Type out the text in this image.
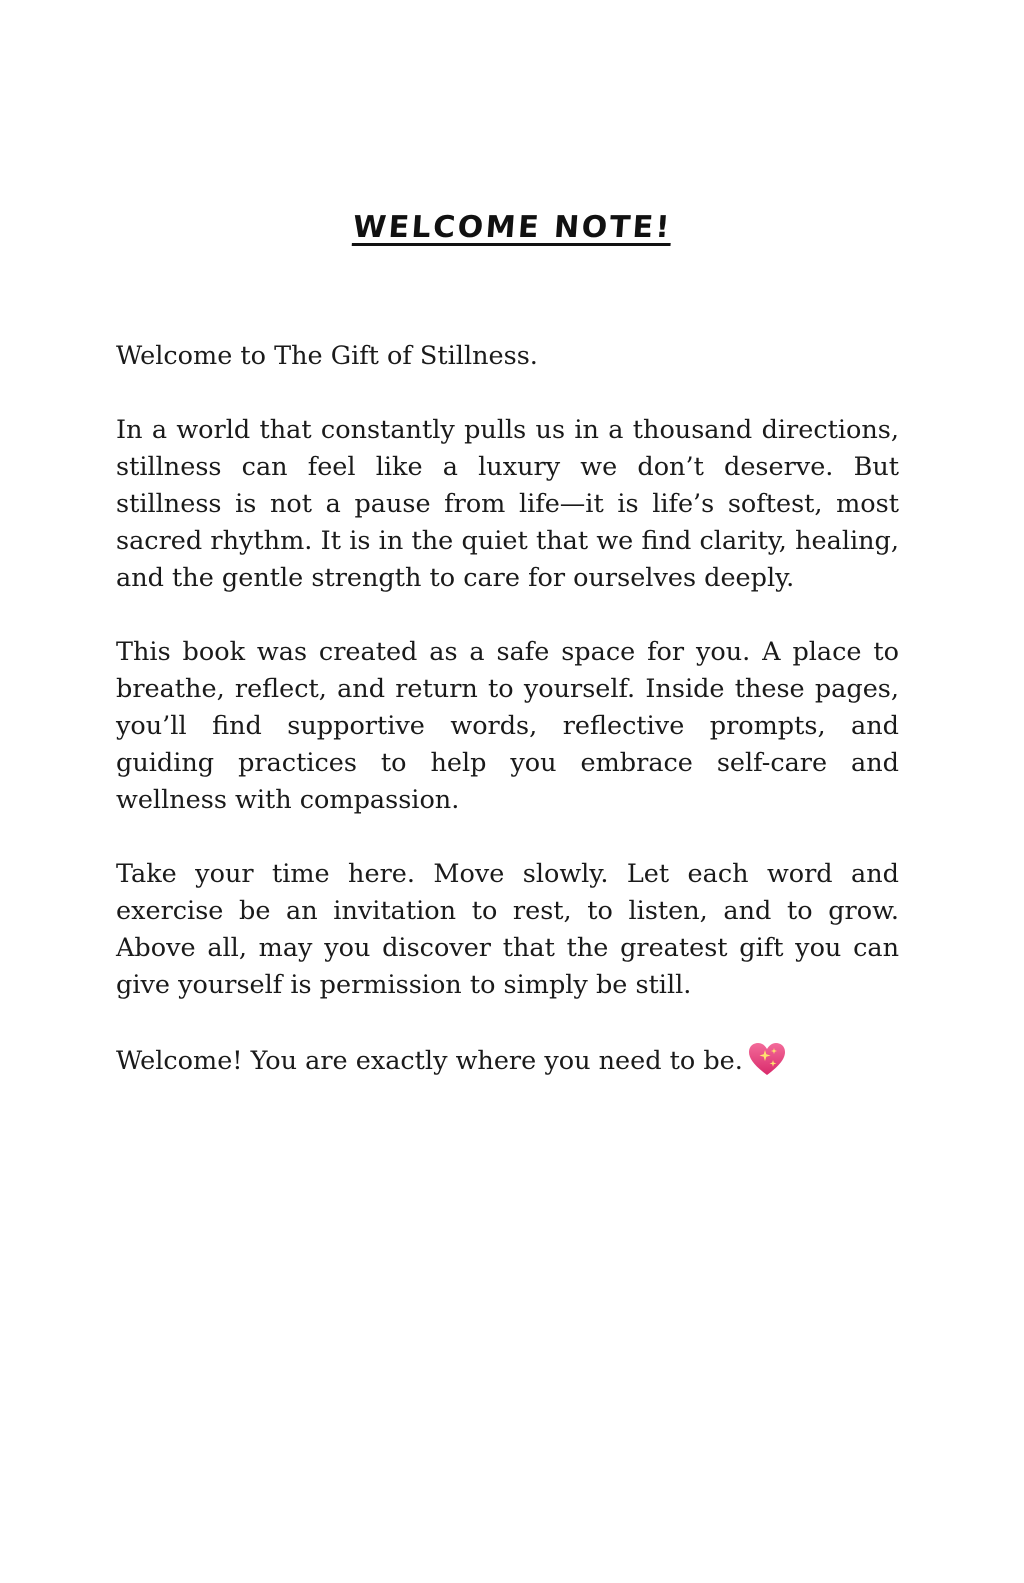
WELCOME NOTE!

Welcome to The Gift of Stillness.

In a world that constantly pulls us in a thousand directions, stillness can feel like a luxury we don’t deserve. But stillness is not a pause from life—it is life’s softest, most sacred rhythm. It is in the quiet that we find clarity, healing, and the gentle strength to care for ourselves deeply.

This book was created as a safe space for you. A place to breathe, reflect, and return to yourself. Inside these pages, you’ll find supportive words, reflective prompts, and guiding practices to help you embrace self-care and wellness with compassion.

Take your time here. Move slowly. Let each word and exercise be an invitation to rest, to listen, and to grow. Above all, may you discover that the greatest gift you can give yourself is permission to simply be still.

Welcome! You are exactly where you need to be.
